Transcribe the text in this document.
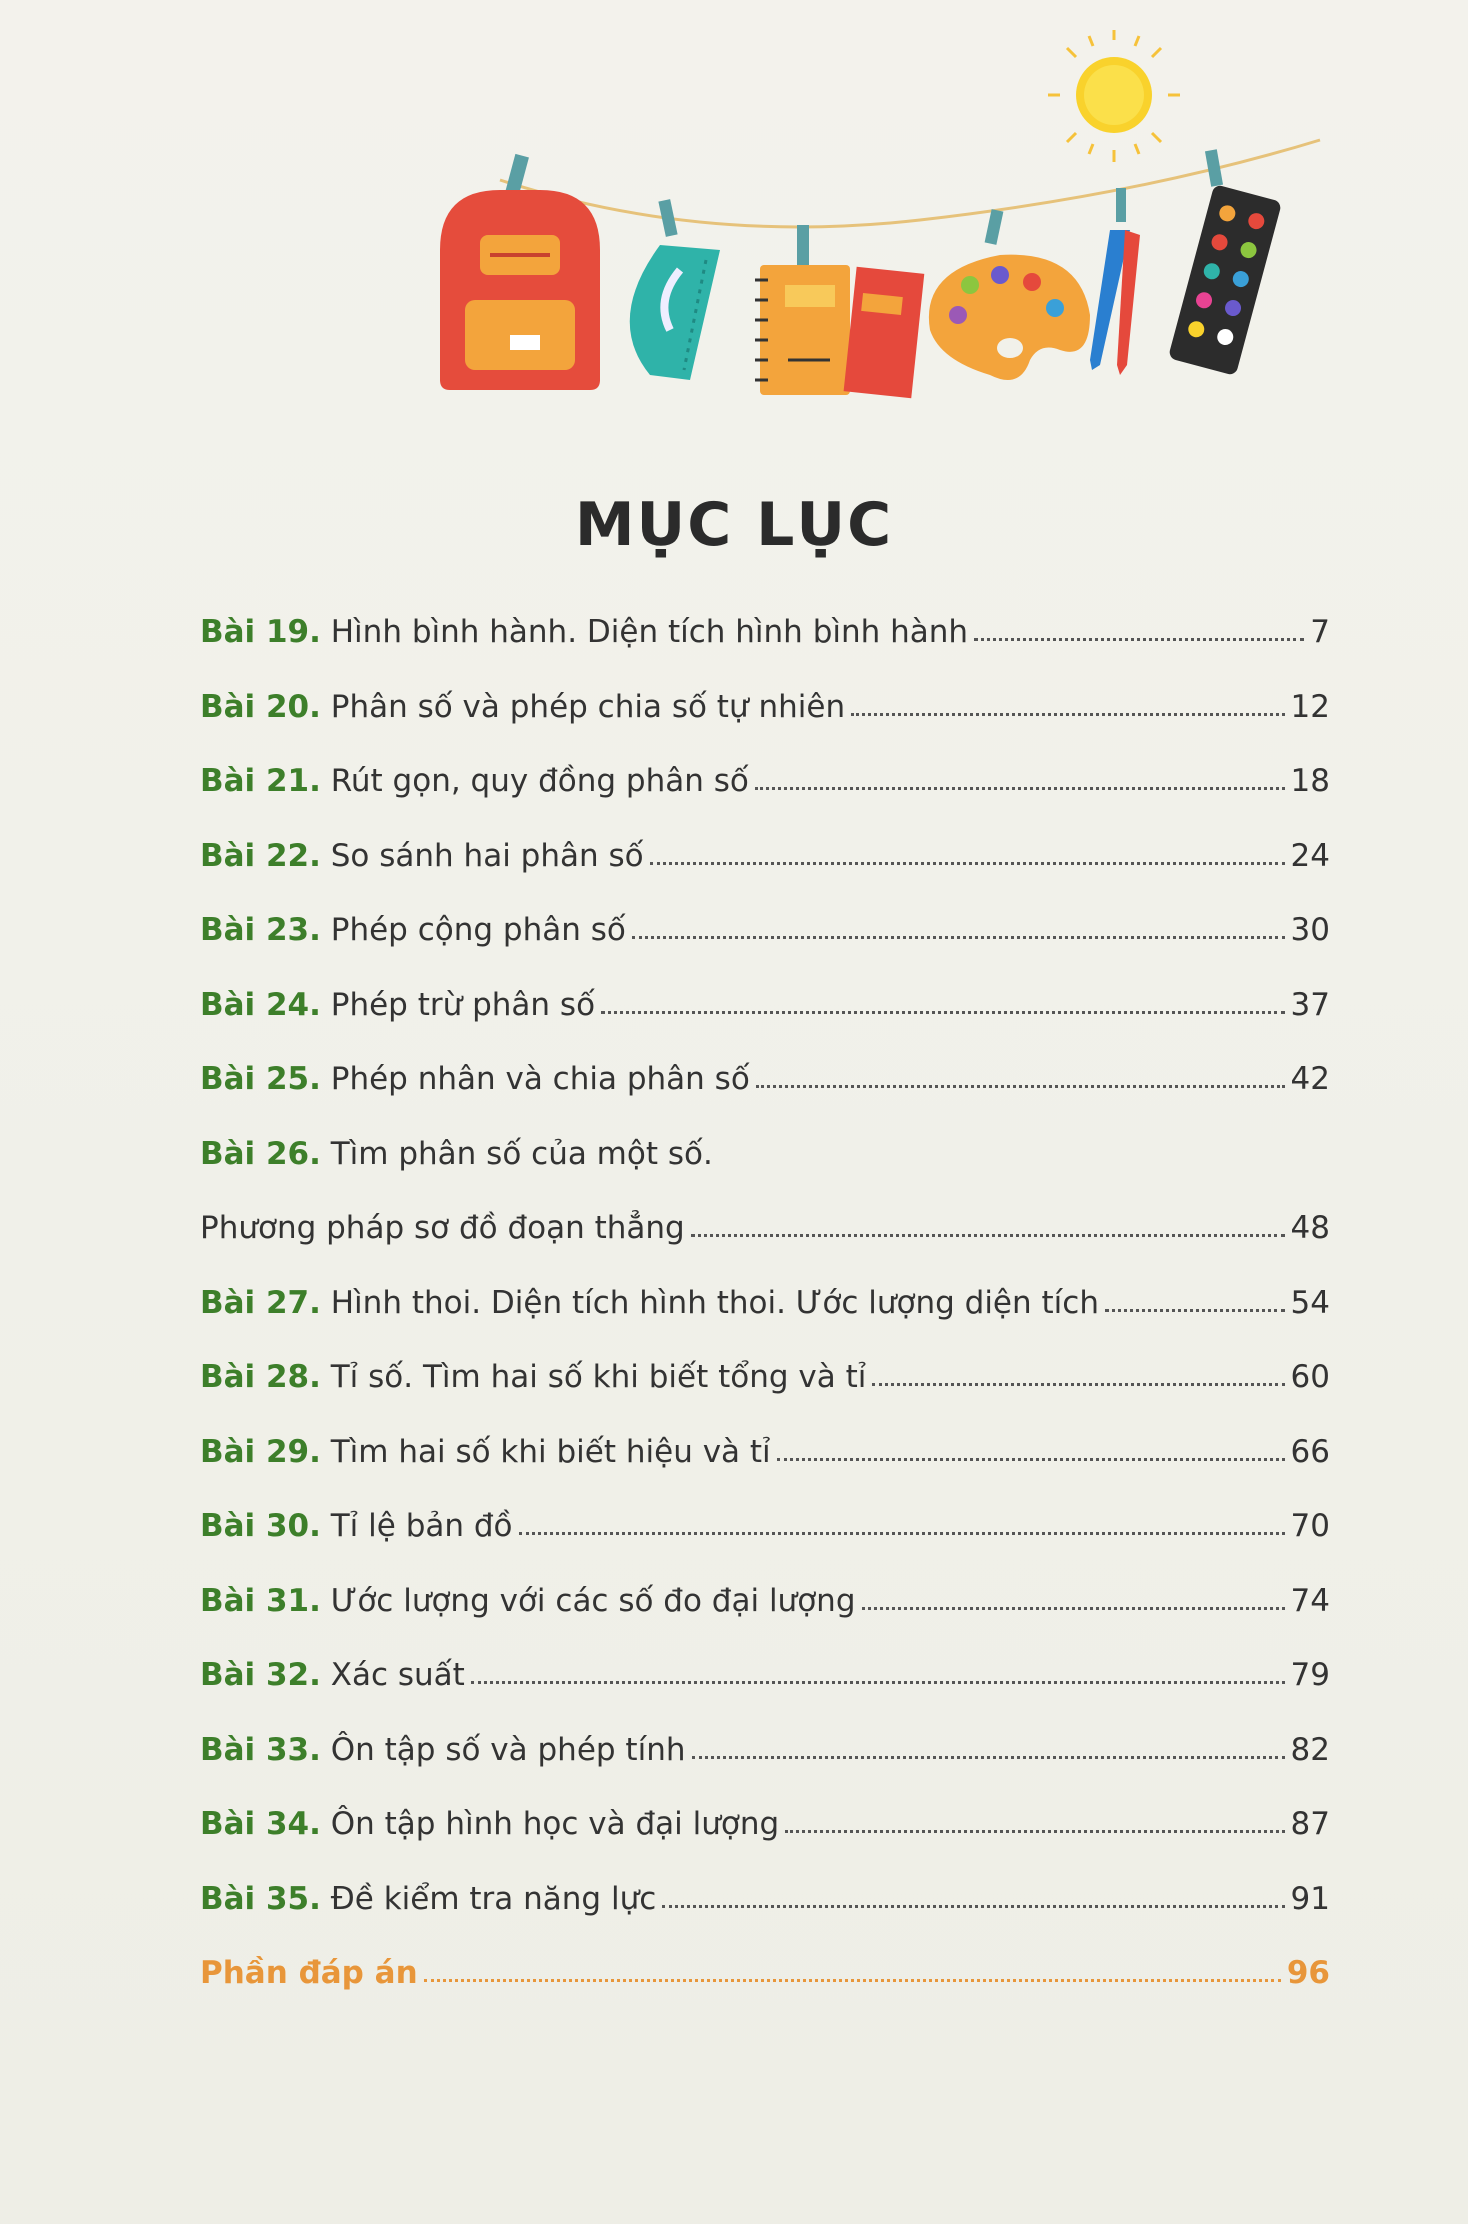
MỤC LỤC
Bài 19. Hình bình hành. Diện tích hình bình hành	7
Bài 20. Phân số và phép chia số tự nhiên	12
Bài 21. Rút gọn, quy đồng phân số	18
Bài 22. So sánh hai phân số	24
Bài 23. Phép cộng phân số	30
Bài 24. Phép trừ phân số	37
Bài 25. Phép nhân và chia phân số	42
Bài 26. Tìm phân số của một số.
Phương pháp sơ đồ đoạn thẳng	48
Bài 27. Hình thoi. Diện tích hình thoi. Ước lượng diện tích	54
Bài 28. Tỉ số. Tìm hai số khi biết tổng và tỉ	60
Bài 29. Tìm hai số khi biết hiệu và tỉ	66
Bài 30. Tỉ lệ bản đồ	70
Bài 31. Ước lượng với các số đo đại lượng	74
Bài 32. Xác suất	79
Bài 33. Ôn tập số và phép tính	82
Bài 34. Ôn tập hình học và đại lượng	87
Bài 35. Đề kiểm tra năng lực	91
Phần đáp án	96
